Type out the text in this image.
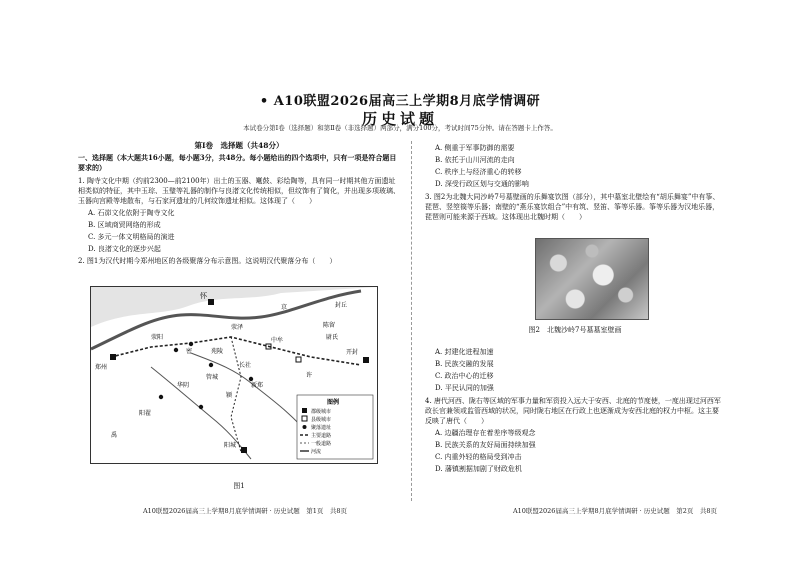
• A10联盟2026届高三上学期8月底学情调研
历史试题
本试卷分第Ⅰ卷（选择题）和第Ⅱ卷（非选择题）两部分，满分100分，考试时间75分钟。请在答题卡上作答。
第Ⅰ卷　选择题（共48分）

一、选择题（本大题共16小题，每小题3分，共48分。每小题给出的四个选项中，只有一项是符合题目要求的）

1. 陶寺文化中期（约前2300—前2100年）出土的玉器、鼍鼓、彩绘陶等，具有同一时期其他方面遗址相类似的特征，其中玉琮、玉璧等礼器的制作与良渚文化传统相似，但纹饰有了简化，并出现多项玻璃、玉器向宫殿等地散布，与石家河遗址的几何纹饰遗址相似。这体现了（　　）

A. 石峁文化依附于陶寺文化
B. 区域商贸网络的形成
C. 多元一体文明格局的演进
D. 良渚文化的逐步兴起

2. 图1为汉代时期今郑州地区的各级聚落分布示意图。这说明汉代聚落分布（　　）

怀
郑州
荥阳
阳城
开封
中牟
禹
颍
新郑
长社
许
阳翟
密
荥泽
京
管城
苑陵
尉氏
华阴
陈留
封丘
图例
郡级城市
县级城市
聚落遗址
主要道路
一般道路
河流
图1
A. 侧重于军事防御的需要
B. 依托于山川河流的走向
C. 秩序上与经济重心的转移
D. 深受行政区划与交通的影响

3. 图2为北魏大同沙岭7号墓壁画的乐舞宴饮图（部分），其中墓室北壁绘有“胡乐舞宴”中有筝、琵琶、竖箜篌等乐器；南壁的“燕乐宴饮组合”中有筑、竖笛、筝等乐器。筝等乐器为汉地乐器，琵琶则可能来源于西域。这体现出北魏时期（　　）

图2　北魏沙岭7号墓墓室壁画
A. 封建化进程加速
B. 民族交融的发展
C. 政治中心的迁移
D. 平民认同的加强

4. 唐代河西、陇右等区域的军事力量和军资投入远大于安西、北庭的节度使，一度出现过河西军政长官兼领或监管西域的状况，同时陇右地区在行政上也逐渐成为安西北庭的权力中枢。这主要反映了唐代（　　）

A. 边疆治理存在着差序等级观念
B. 民族关系的友好局面持续加强
C. 内重外轻的格局受到冲击
D. 藩镇割据加剧了财政危机
A10联盟2026届高三上学期8月底学情调研 · 历史试题　第1页　共8页	A10联盟2026届高三上学期8月底学情调研 · 历史试题　第2页　共8页
